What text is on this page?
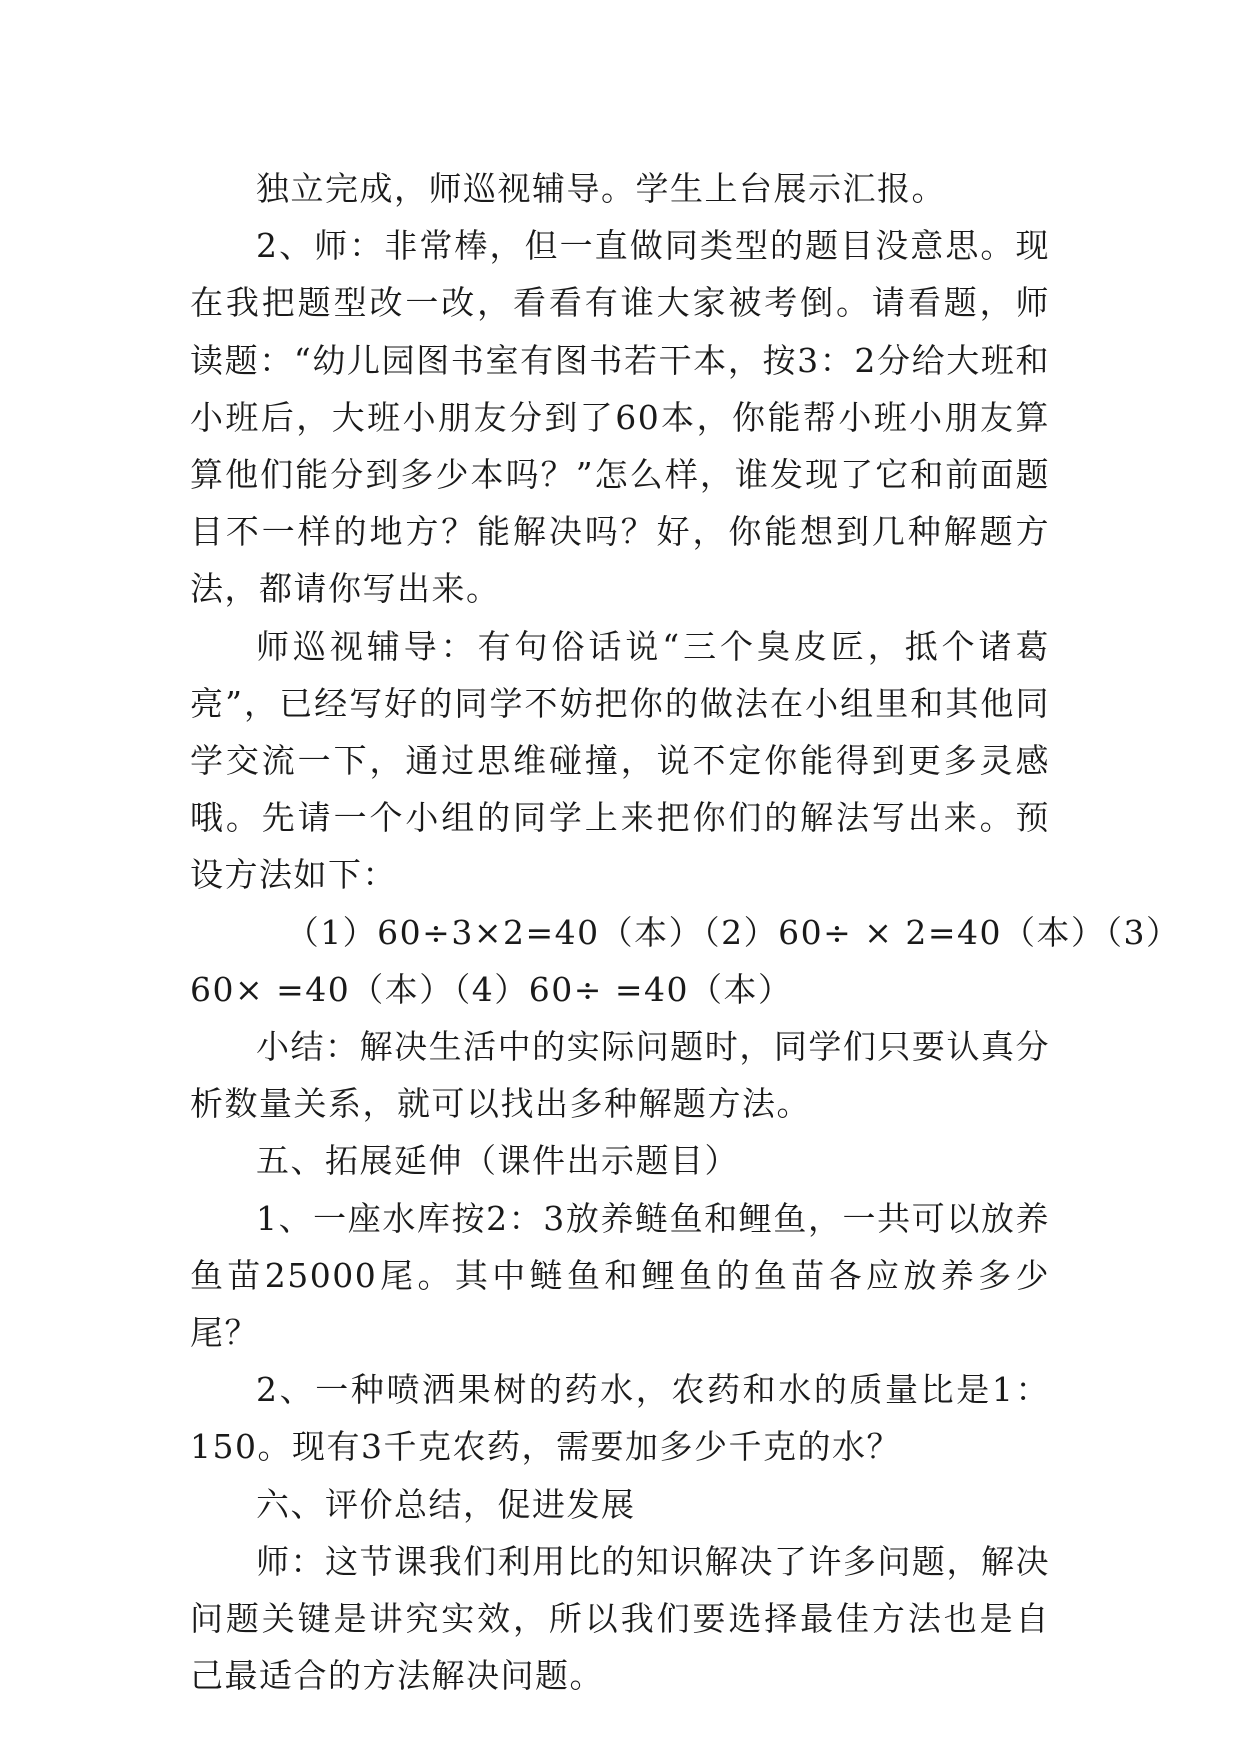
独立完成，师巡视辅导。学生上台展示汇报。

2、师：非常棒，但一直做同类型的题目没意思。现在我把题型改一改，看看有谁大家被考倒。请看题，师读题：“幼儿园图书室有图书若干本，按3：2分给大班和小班后，大班小朋友分到了60本，你能帮小班小朋友算算他们能分到多少本吗？”怎么样，谁发现了它和前面题目不一样的地方？能解决吗？好，你能想到几种解题方法，都请你写出来。

师巡视辅导：有句俗话说“三个臭皮匠，抵个诸葛亮”，已经写好的同学不妨把你的做法在小组里和其他同学交流一下，通过思维碰撞，说不定你能得到更多灵感哦。先请一个小组的同学上来把你们的解法写出来。预设方法如下：

（1）60÷3×2=40（本）（2）60÷ × 2=40（本）（3）

60× =40（本）（4）60÷ =40（本）

小结：解决生活中的实际问题时，同学们只要认真分析数量关系，就可以找出多种解题方法。

五、拓展延伸（课件出示题目）

1、一座水库按2：3放养鲢鱼和鲤鱼，一共可以放养鱼苗25000尾。其中鲢鱼和鲤鱼的鱼苗各应放养多少尾？

2、一种喷洒果树的药水，农药和水的质量比是1：150。现有3千克农药，需要加多少千克的水？

六、评价总结，促进发展

师：这节课我们利用比的知识解决了许多问题，解决问题关键是讲究实效，所以我们要选择最佳方法也是自己最适合的方法解决问题。
